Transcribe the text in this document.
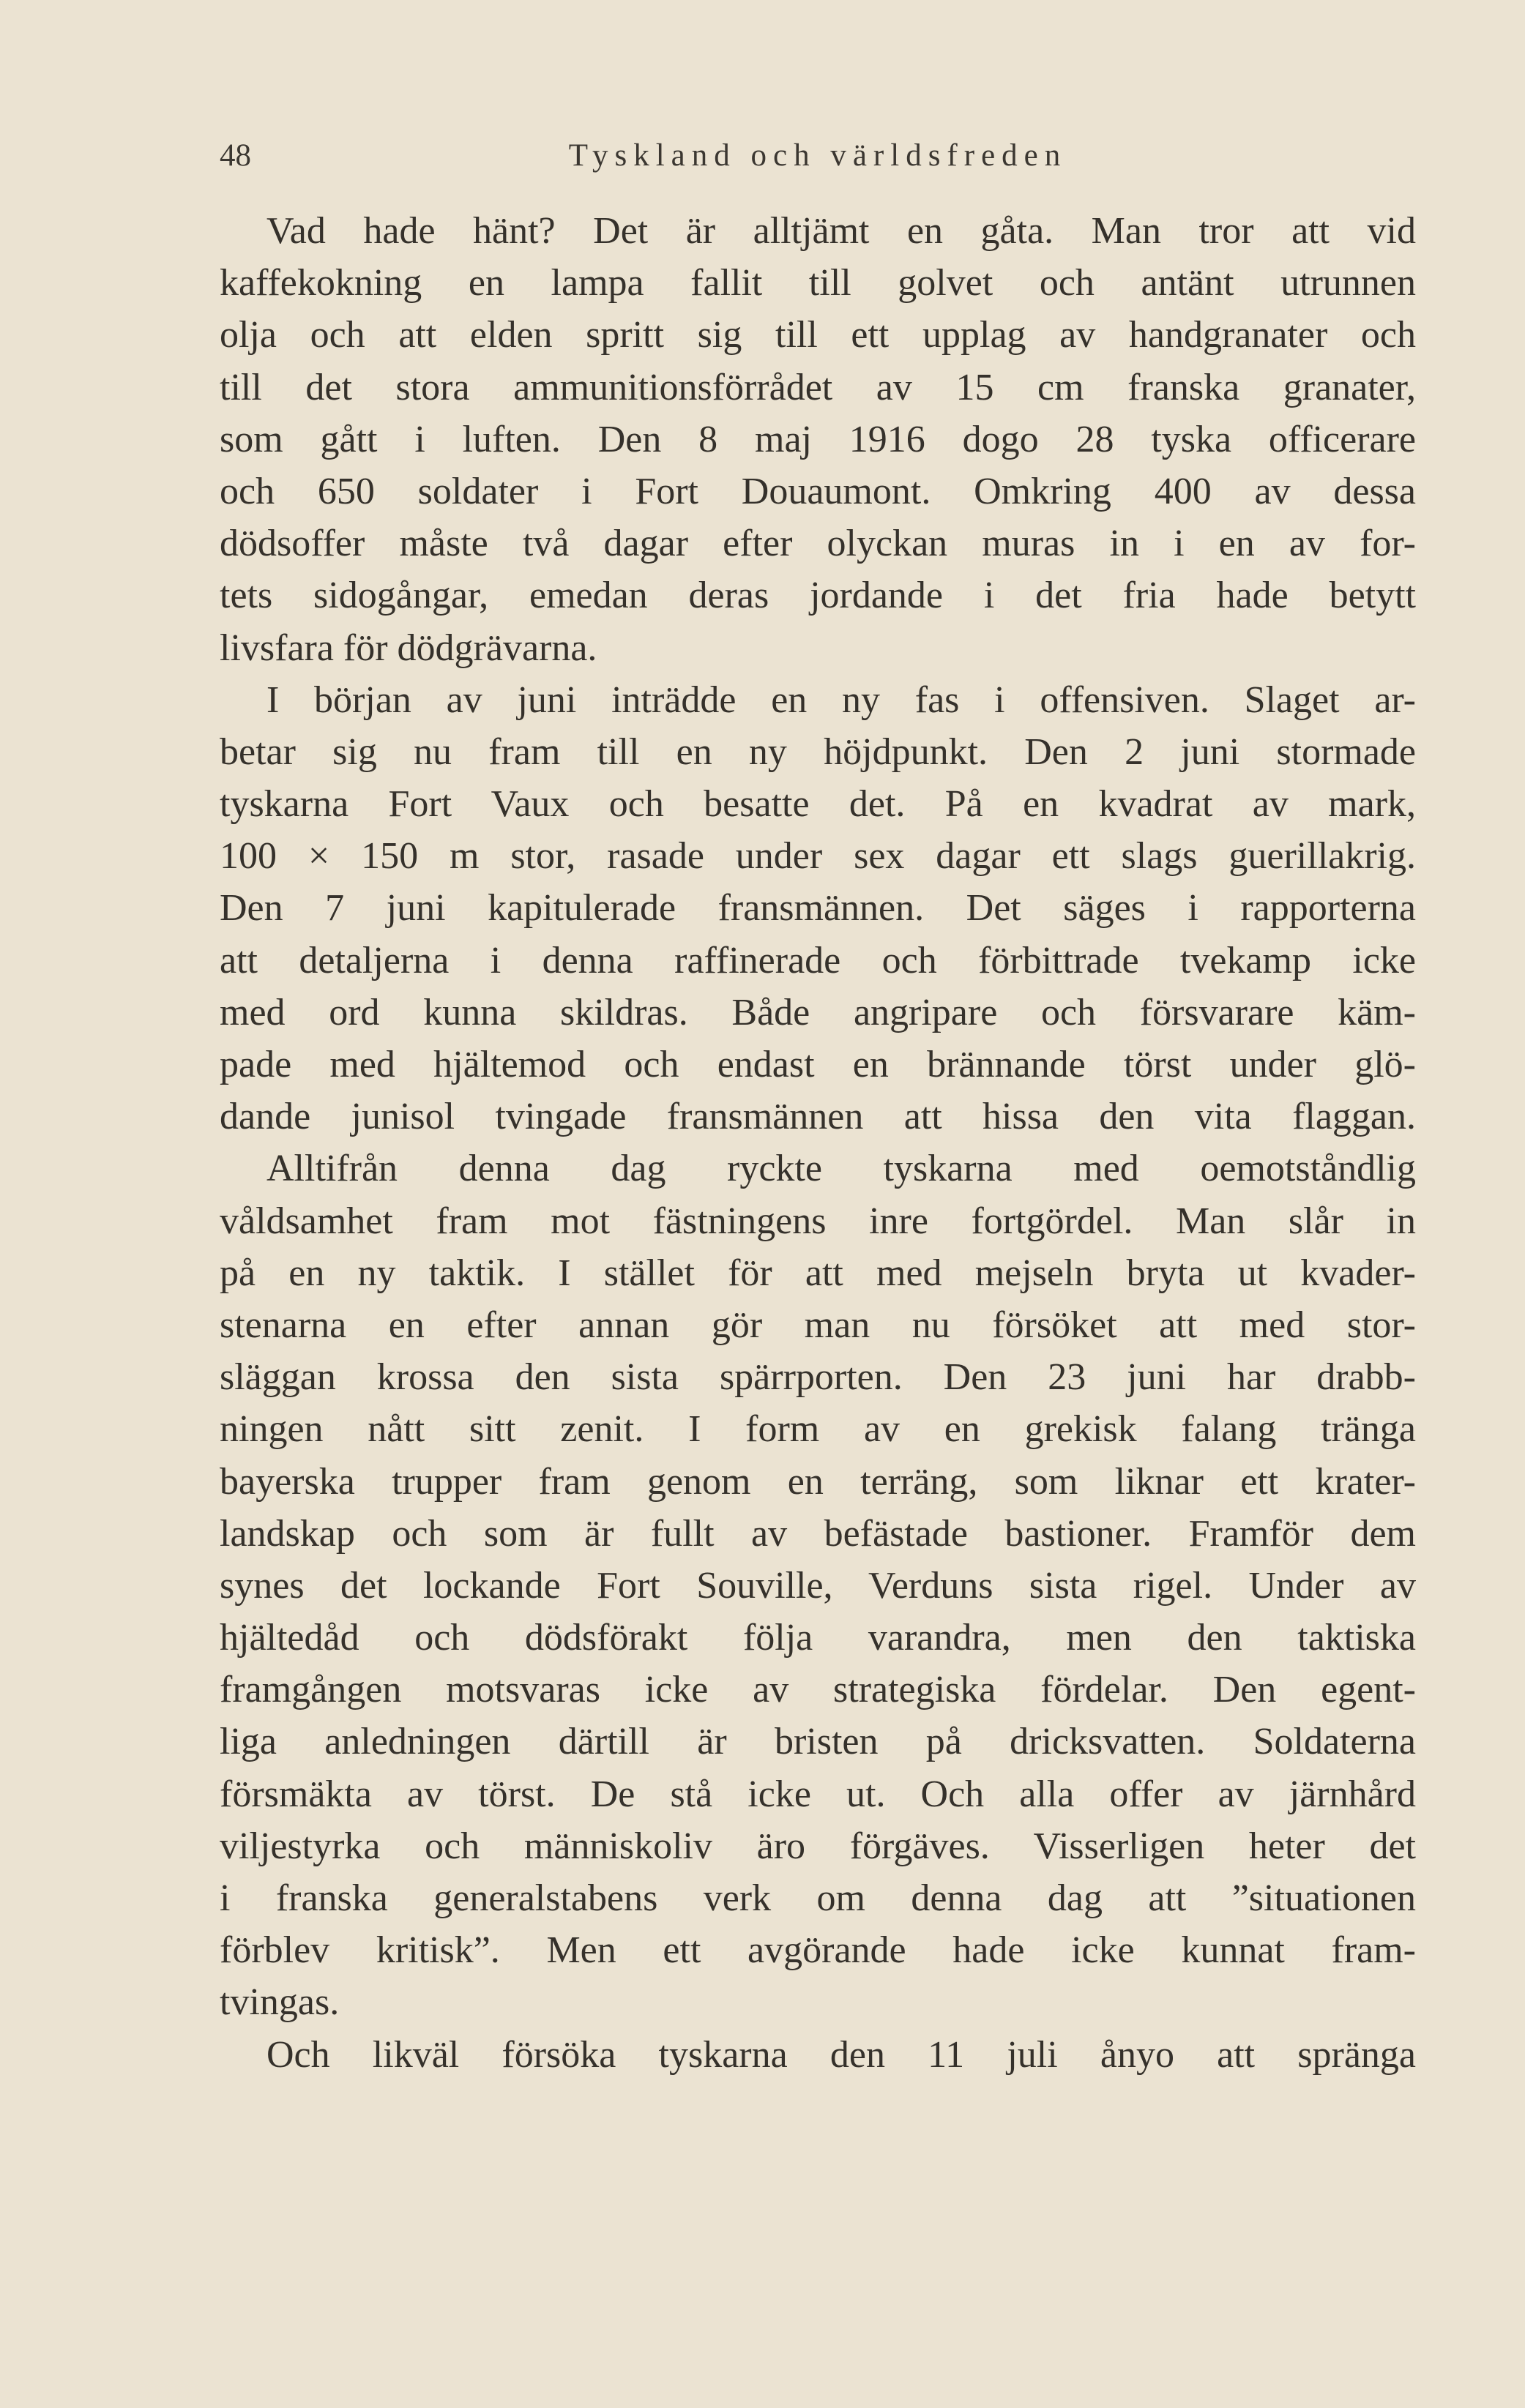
48	Tyskland och världsfreden
Vad hade hänt? Det är alltjämt en gåta. Man tror att vid
kaffekokning en lampa fallit till golvet och antänt utrunnen
olja och att elden spritt sig till ett upplag av handgranater och
till det stora ammunitionsförrådet av 15 cm franska granater,
som gått i luften. Den 8 maj 1916 dogo 28 tyska officerare
och 650 soldater i Fort Douaumont. Omkring 400 av dessa
dödsoffer måste två dagar efter olyckan muras in i en av for-
tets sidogångar, emedan deras jordande i det fria hade betytt
livsfara för dödgrävarna.
I början av juni inträdde en ny fas i offensiven. Slaget ar-
betar sig nu fram till en ny höjdpunkt. Den 2 juni stormade
tyskarna Fort Vaux och besatte det. På en kvadrat av mark,
100 × 150 m stor, rasade under sex dagar ett slags guerillakrig.
Den 7 juni kapitulerade fransmännen. Det säges i rapporterna
att detaljerna i denna raffinerade och förbittrade tvekamp icke
med ord kunna skildras. Både angripare och försvarare käm-
pade med hjältemod och endast en brännande törst under glö-
dande junisol tvingade fransmännen att hissa den vita flaggan.
Alltifrån denna dag ryckte tyskarna med oemotståndlig
våldsamhet fram mot fästningens inre fortgördel. Man slår in
på en ny taktik. I stället för att med mejseln bryta ut kvader-
stenarna en efter annan gör man nu försöket att med stor-
släggan krossa den sista spärrporten. Den 23 juni har drabb-
ningen nått sitt zenit. I form av en grekisk falang tränga
bayerska trupper fram genom en terräng, som liknar ett krater-
landskap och som är fullt av befästade bastioner. Framför dem
synes det lockande Fort Souville, Verduns sista rigel. Under av
hjältedåd och dödsförakt följa varandra, men den taktiska
framgången motsvaras icke av strategiska fördelar. Den egent-
liga anledningen därtill är bristen på dricksvatten. Soldaterna
försmäkta av törst. De stå icke ut. Och alla offer av järnhård
viljestyrka och människoliv äro förgäves. Visserligen heter det
i franska generalstabens verk om denna dag att ”situationen
förblev kritisk”. Men ett avgörande hade icke kunnat fram-
tvingas.
Och likväl försöka tyskarna den 11 juli ånyo att spränga
